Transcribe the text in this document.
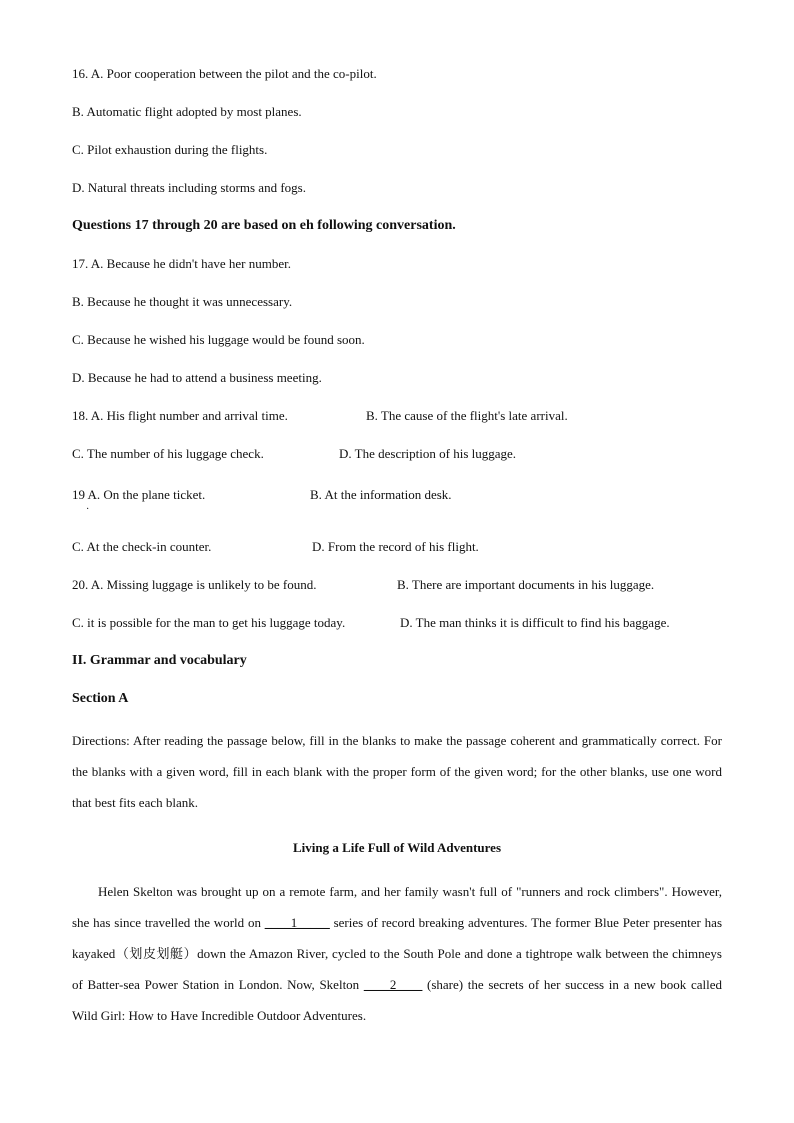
16. A. Poor cooperation between the pilot and the co-pilot.
B. Automatic flight adopted by most planes.
C. Pilot exhaustion during the flights.
D. Natural threats including storms and fogs.
Questions 17 through 20 are based on eh following conversation.
17. A. Because he didn't have her number.
B. Because he thought it was unnecessary.
C. Because he wished his luggage would be found soon.
D. Because he had to attend a business meeting.
18. A. His flight number and arrival time.	B. The cause of the flight's late arrival.
C. The number of his luggage check.	D. The description of his luggage.
19 A. On the plane ticket.	B. At the information desk.
·
C. At the check-in counter.	D. From the record of his flight.
20. A. Missing luggage is unlikely to be found.	B. There are important documents in his luggage.
C. it is possible for the man to get his luggage today.	D. The man thinks it is difficult to find his baggage.
II. Grammar and vocabulary
Section A
Directions: After reading the passage below, fill in the blanks to make the passage coherent and grammatically correct. For the blanks with a given word, fill in each blank with the proper form of the given word; for the other blanks, use one word that best fits each blank.
Living a Life Full of Wild Adventures
Helen Skelton was brought up on a remote farm, and her family wasn't full of "runners and rock climbers". However, she has since travelled the world on ____1_____ series of record breaking adventures. The former Blue Peter presenter has kayaked（划皮划艇）down the Amazon River, cycled to the South Pole and done a tightrope walk between the chimneys of Batter-sea Power Station in London. Now, Skelton ____2____ (share) the secrets of her success in a new book called Wild Girl: How to Have Incredible Outdoor Adventures.
